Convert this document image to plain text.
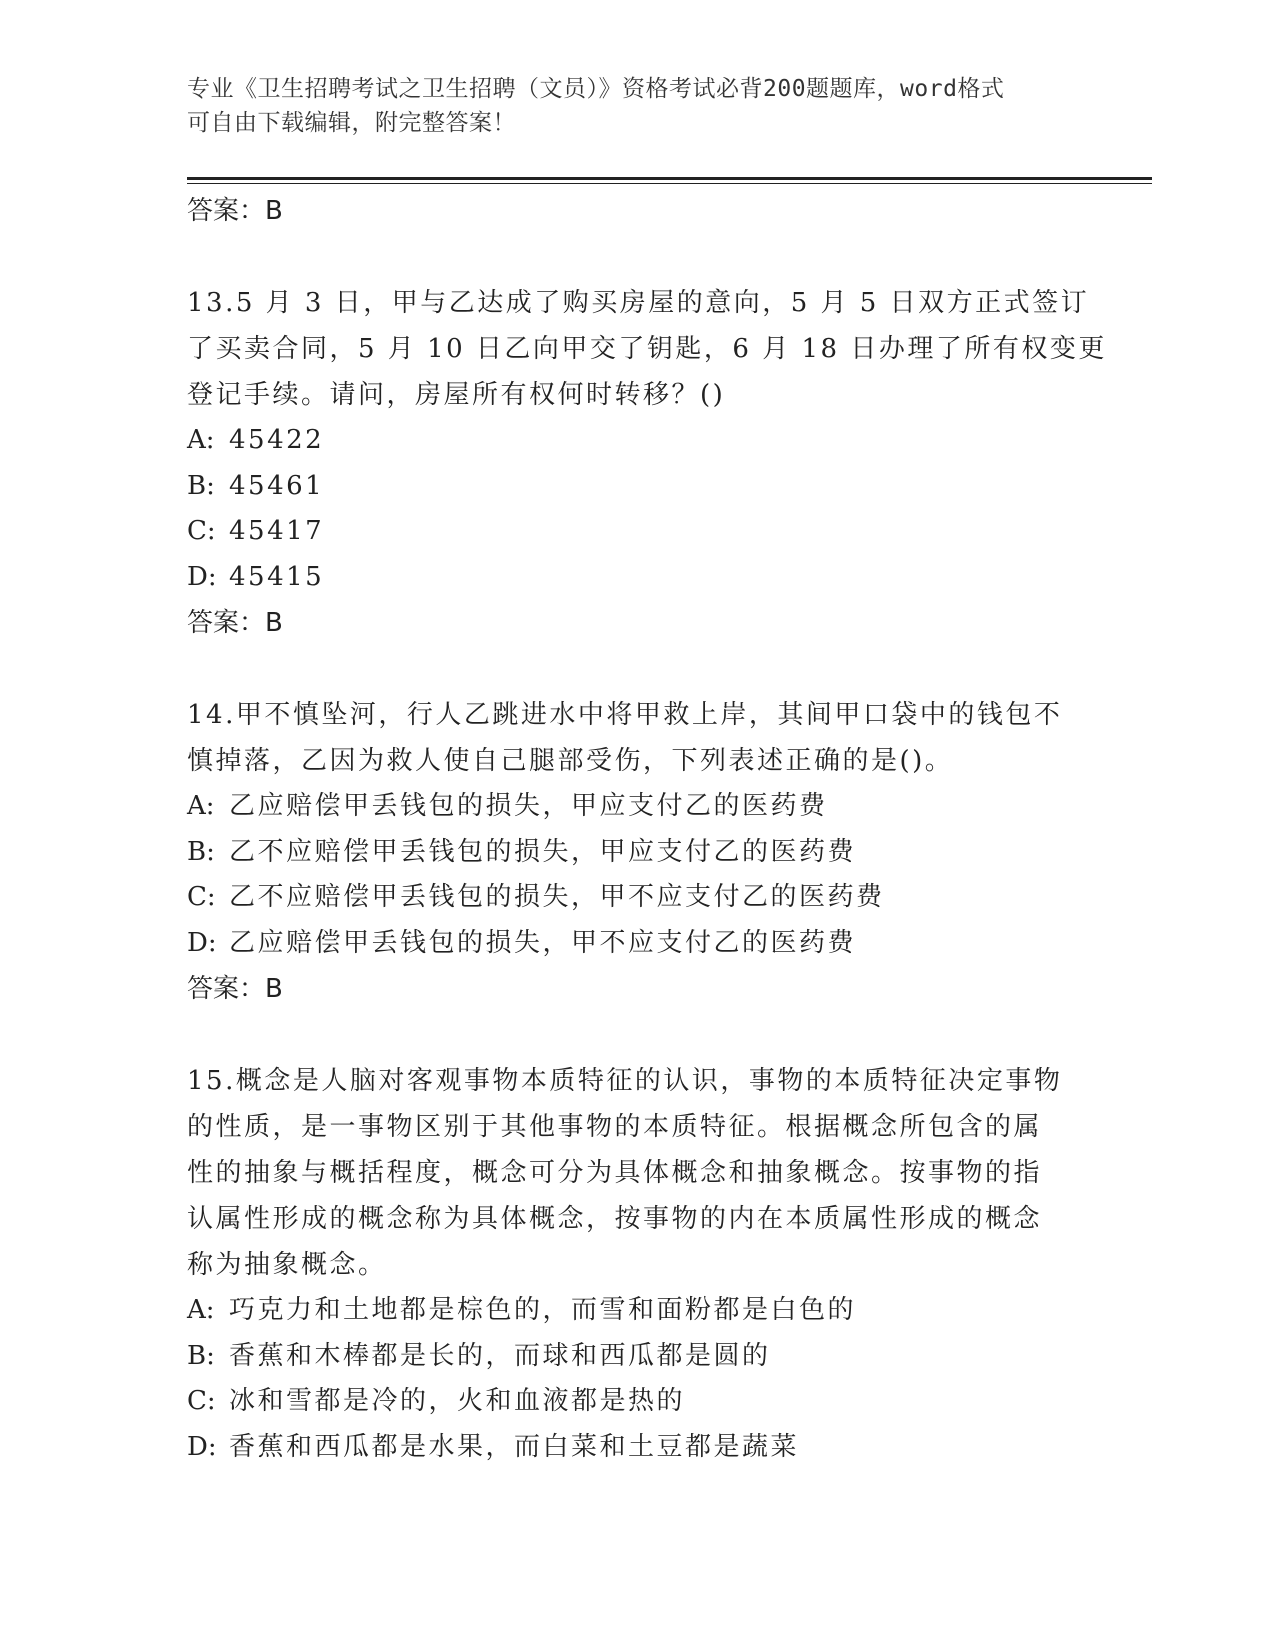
专业《卫生招聘考试之卫生招聘（文员）》资格考试必背200题题库，word格式
可自由下载编辑，附完整答案！

答案：B

13.5 月 3 日，甲与乙达成了购买房屋的意向，5 月 5 日双方正式签订
了买卖合同，5 月 10 日乙向甲交了钥匙，6 月 18 日办理了所有权变更
登记手续。请问，房屋所有权何时转移？()

A: 45422

B: 45461

C: 45417

D: 45415

答案：B

14.甲不慎坠河，行人乙跳进水中将甲救上岸，其间甲口袋中的钱包不
慎掉落，乙因为救人使自己腿部受伤，下列表述正确的是()。

A: 乙应赔偿甲丢钱包的损失，甲应支付乙的医药费

B: 乙不应赔偿甲丢钱包的损失，甲应支付乙的医药费

C: 乙不应赔偿甲丢钱包的损失，甲不应支付乙的医药费

D: 乙应赔偿甲丢钱包的损失，甲不应支付乙的医药费

答案：B

15.概念是人脑对客观事物本质特征的认识，事物的本质特征决定事物
的性质，是一事物区别于其他事物的本质特征。根据概念所包含的属
性的抽象与概括程度，概念可分为具体概念和抽象概念。按事物的指
认属性形成的概念称为具体概念，按事物的内在本质属性形成的概念
称为抽象概念。

A: 巧克力和土地都是棕色的，而雪和面粉都是白色的

B: 香蕉和木棒都是长的，而球和西瓜都是圆的

C: 冰和雪都是冷的，火和血液都是热的

D: 香蕉和西瓜都是水果，而白菜和土豆都是蔬菜
